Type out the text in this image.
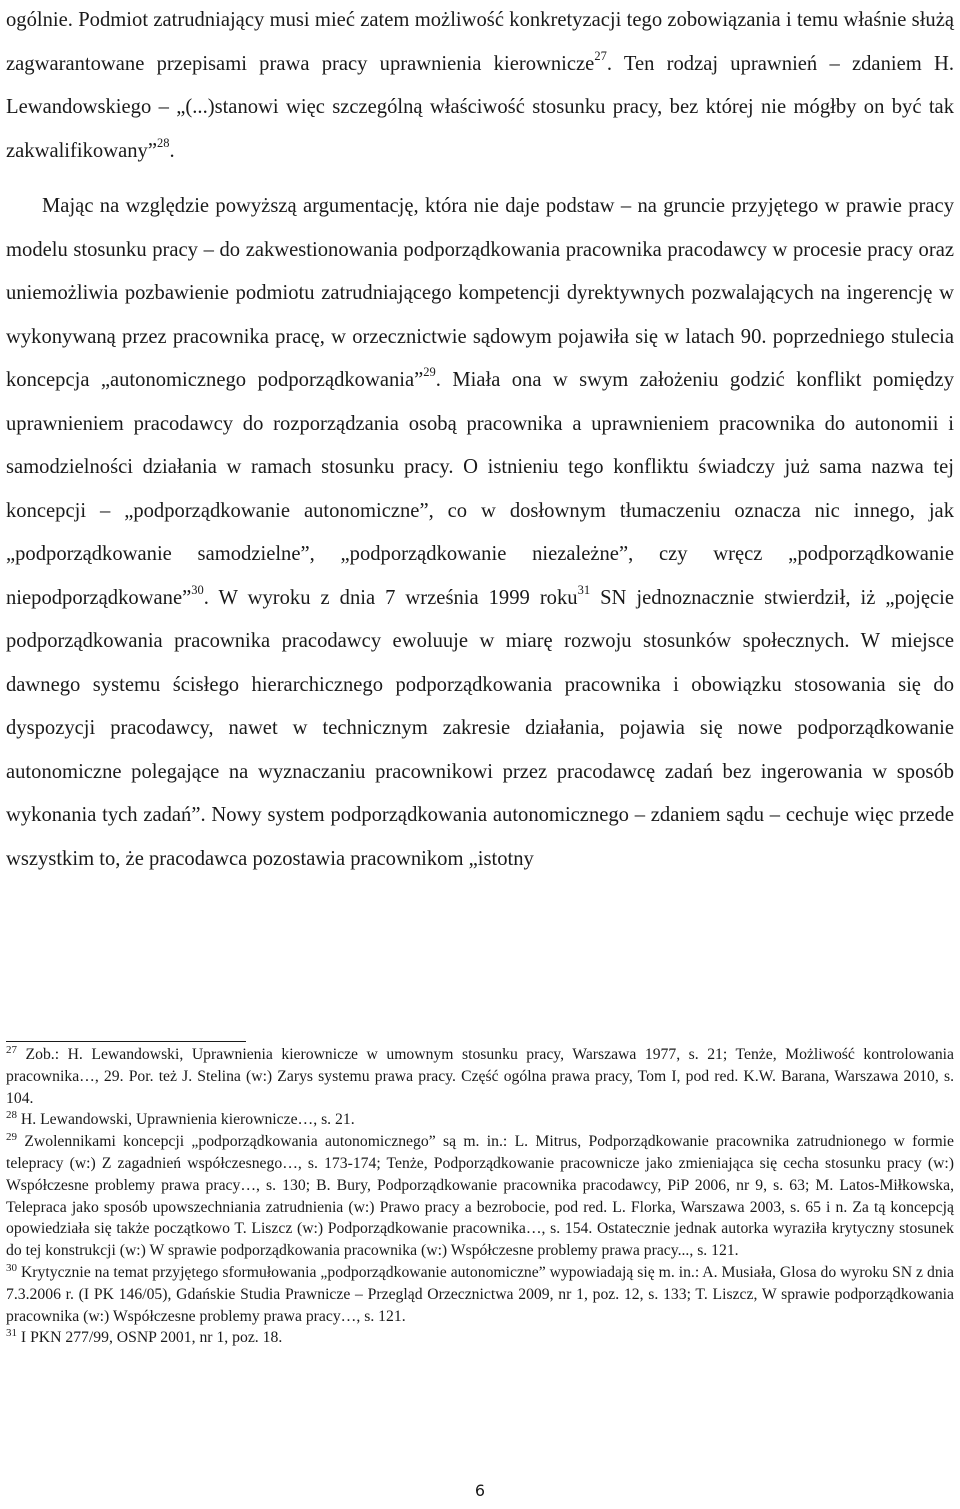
ogólnie. Podmiot zatrudniający musi mieć zatem możliwość konkretyzacji tego zobowiązania i temu właśnie służą zagwarantowane przepisami prawa pracy uprawnienia kierownicze$^{27}$. Ten rodzaj uprawnień – zdaniem H. Lewandowskiego – „(...)stanowi więc szczególną właściwość stosunku pracy, bez której nie mógłby on być tak zakwalifikowany”$^{28}$.

Mając na względzie powyższą argumentację, która nie daje podstaw – na gruncie przyjętego w prawie pracy modelu stosunku pracy – do zakwestionowania podporządkowania pracownika pracodawcy w procesie pracy oraz uniemożliwia pozbawienie podmiotu zatrudniającego kompetencji dyrektywnych pozwalających na ingerencję w wykonywaną przez pracownika pracę, w orzecznictwie sądowym pojawiła się w latach 90. poprzedniego stulecia koncepcja „autonomicznego podporządkowania”$^{29}$. Miała ona w swym założeniu godzić konflikt pomiędzy uprawnieniem pracodawcy do rozporządzania osobą pracownika a uprawnieniem pracownika do autonomii i samodzielności działania w ramach stosunku pracy. O istnieniu tego konfliktu świadczy już sama nazwa tej koncepcji – „podporządkowanie autonomiczne”, co w dosłownym tłumaczeniu oznacza nic innego, jak „podporządkowanie samodzielne”, „podporządkowanie niezależne”, czy wręcz „podporządkowanie niepodporządkowane”$^{30}$. W wyroku z dnia 7 września 1999 roku$^{31}$ SN jednoznacznie stwierdził, iż „pojęcie podporządkowania pracownika pracodawcy ewoluuje w miarę rozwoju stosunków społecznych. W miejsce dawnego systemu ścisłego hierarchicznego podporządkowania pracownika i obowiązku stosowania się do dyspozycji pracodawcy, nawet w technicznym zakresie działania, pojawia się nowe podporządkowanie autonomiczne polegające na wyznaczaniu pracownikowi przez pracodawcę zadań bez ingerowania w sposób wykonania tych zadań”. Nowy system podporządkowania autonomicznego – zdaniem sądu – cechuje więc przede wszystkim to, że pracodawca pozostawia pracownikom „istotny

$^{27}$ Zob.: H. Lewandowski, Uprawnienia kierownicze w umownym stosunku pracy, Warszawa 1977, s. 21; Tenże, Możliwość kontrolowania pracownika…, 29. Por. też J. Stelina (w:) Zarys systemu prawa pracy. Część ogólna prawa pracy, Tom I, pod red. K.W. Barana, Warszawa 2010, s. 104.

$^{28}$ H. Lewandowski, Uprawnienia kierownicze…, s. 21.

$^{29}$ Zwolennikami koncepcji „podporządkowania autonomicznego” są m. in.: L. Mitrus, Podporządkowanie pracownika zatrudnionego w formie telepracy (w:) Z zagadnień współczesnego…, s. 173-174; Tenże, Podporządkowanie pracownicze jako zmieniająca się cecha stosunku pracy (w:) Współczesne problemy prawa pracy…, s. 130; B. Bury, Podporządkowanie pracownika pracodawcy, PiP 2006, nr 9, s. 63; M. Latos-Miłkowska, Telepraca jako sposób upowszechniania zatrudnienia (w:) Prawo pracy a bezrobocie, pod red. L. Florka, Warszawa 2003, s. 65 i n. Za tą koncepcją opowiedziała się także początkowo T. Liszcz (w:) Podporządkowanie pracownika…, s. 154. Ostatecznie jednak autorka wyraziła krytyczny stosunek do tej konstrukcji (w:) W sprawie podporządkowania pracownika (w:) Współczesne problemy prawa pracy..., s. 121.

$^{30}$ Krytycznie na temat przyjętego sformułowania „podporządkowanie autonomiczne” wypowiadają się m. in.: A. Musiała, Glosa do wyroku SN z dnia 7.3.2006 r. (I PK 146/05), Gdańskie Studia Prawnicze – Przegląd Orzecznictwa 2009, nr 1, poz. 12, s. 133; T. Liszcz, W sprawie podporządkowania pracownika (w:) Współczesne problemy prawa pracy…, s. 121.

$^{31}$ I PKN 277/99, OSNP 2001, nr 1, poz. 18.

6
